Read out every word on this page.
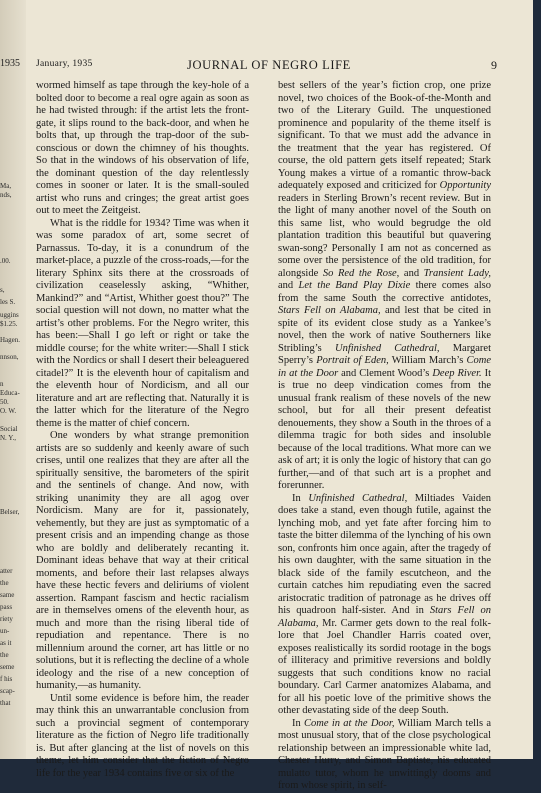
1935
Ma,
nds,
.00.
s,
les S.
uggins
$1.25.
Hagen.
nnson,
n
Educa-
50.
O. W.
Social
N. Y.,
Belser,
atter
the
same
pass
riety
un-
as it
the
seme
f his
scap-
that
January, 1935	JOURNAL OF NEGRO LIFE	9

wormed himself as tape through the key-hole of a bolted door to become a real ogre again as soon as he had twisted through: if the artist lets the front-gate, it slips round to the back-door, and when he bolts that, up through the trap-door of the sub-conscious or down the chimney of his thoughts. So that in the windows of his observation of life, the dominant question of the day relentlessly comes in sooner or later. It is the small-souled artist who runs and cringes; the great artist goes out to meet the Zeitgeist.

What is the riddle for 1934? Time was when it was some paradox of art, some secret of Parnassus. To-day, it is a conundrum of the market-place, a puzzle of the cross-roads,—for the literary Sphinx sits there at the crossroads of civilization ceaselessly asking, “Whither, Mankind?” and “Artist, Whither goest thou?” The social question will not down, no matter what the artist’s other problems. For the Negro writer, this has been:—Shall I go left or right or take the middle course; for the white writer:—Shall I stick with the Nordics or shall I desert their beleaguered citadel?” It is the eleventh hour of capitalism and the eleventh hour of Nordicism, and all our literature and art are reflecting that. Naturally it is the latter which for the literature of the Negro theme is the matter of chief concern.

One wonders by what strange premonition artists are so suddenly and keenly aware of such crises, until one realizes that they are after all the spiritually sensitive, the barometers of the spirit and the sentinels of change. And now, with striking unanimity they are all agog over Nordicism. Many are for it, passionately, vehemently, but they are just as symptomatic of a present crisis and an impending change as those who are boldly and deliberately recanting it. Dominant ideas behave that way at their critical moments, and before their last relapses always have these hectic fevers and deliriums of violent assertion. Rampant fascism and hectic racialism are in themselves omens of the eleventh hour, as much and more than the rising liberal tide of repudiation and repentance. There is no millennium around the corner, art has little or no solutions, but it is reflecting the decline of a whole ideology and the rise of a new conception of humanity,—as humanity.

Until some evidence is before him, the reader may think this an unwarrantable conclusion from such a provincial segment of contemporary literature as the fiction of Negro life traditionally is. But after glancing at the list of novels on this theme, let him consider that the fiction of Negro life for the year 1934 contains five or six of the

best sellers of the year’s fiction crop, one prize novel, two choices of the Book-of-the-Month and two of the Literary Guild. The unquestioned prominence and popularity of the theme itself is significant. To that we must add the advance in the treatment that the year has registered. Of course, the old pattern gets itself repeated; Stark Young makes a virtue of a romantic throw-back adequately exposed and criticized for Opportunity readers in Sterling Brown’s recent review. But in the light of many another novel of the South on this same list, who would begrudge the old plantation tradition this beautiful but quavering swan-song? Personally I am not as concerned as some over the persistence of the old tradition, for alongside So Red the Rose, and Transient Lady, and Let the Band Play Dixie there comes also from the same South the corrective antidotes, Stars Fell on Alabama, and lest that be cited in spite of its evident close study as a Yankee’s novel, then the work of native Southerners like Stribling’s Unfinished Cathedral, Margaret Sperry’s Portrait of Eden, William March’s Come in at the Door and Clement Wood’s Deep River. It is true no deep vindication comes from the unusual frank realism of these novels of the new school, but for all their present defeatist denouements, they show a South in the throes of a dilemma tragic for both sides and insoluble because of the local traditions. What more can we ask of art; it is only the logic of history that can go further,—and of that such art is a prophet and forerunner.

In Unfinished Cathedral, Miltiades Vaiden does take a stand, even though futile, against the lynching mob, and yet fate after forcing him to taste the bitter dilemma of the lynching of his own son, confronts him once again, after the tragedy of his own daughter, with the same situation in the black side of the family escutcheon, and the curtain catches him repudiating even the sacred aristocratic tradition of patronage as he drives off his quadroon half-sister. And in Stars Fell on Alabama, Mr. Carmer gets down to the real folk-lore that Joel Chandler Harris coated over, exposes realistically its sordid rootage in the bogs of illiteracy and primitive reversions and boldly suggests that such conditions know no racial boundary. Carl Carmer anatomizes Alabama, and for all his poetic love of the primitive shows the other devastating side of the deep South.

In Come in at the Door, William March tells a most unusual story, that of the close psychological relationship between an impressionable white lad, Chester Hurry, and Simon Baptiste, his educated mulatto tutor, whom he unwittingly dooms and from whose spirit, in self-
